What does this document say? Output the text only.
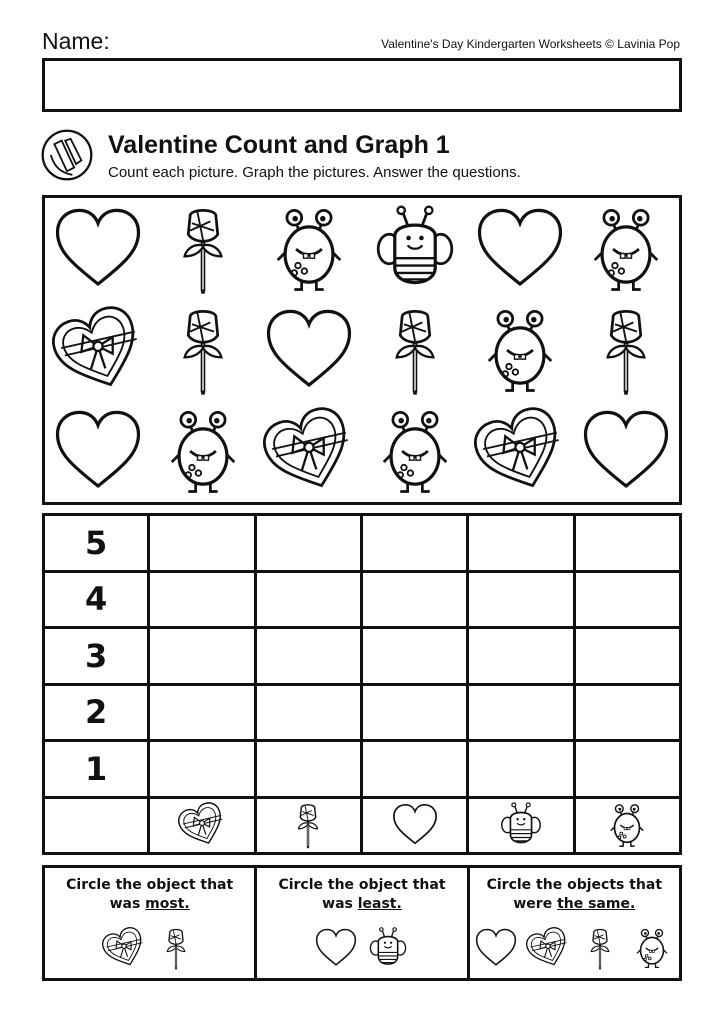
Name:	Valentine's Day Kindergarten Worksheets © Lavinia Pop
Valentine Count and Graph 1
Count each picture. Graph the pictures. Answer the questions.
5					
4					
3					
2					
1					

Circle the object that
was most.
Circle the object that
was least.
Circle the objects that
were the same.
